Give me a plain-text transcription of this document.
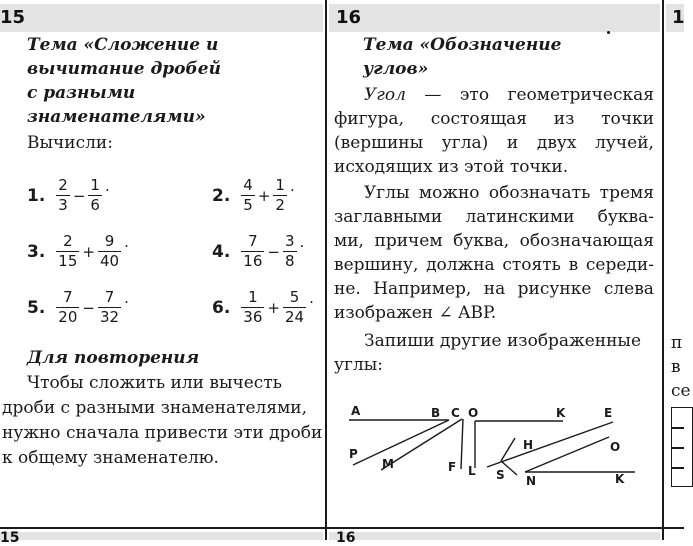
15	16	1
Тема «Сложение и
вычитание дробей
с разными
знаменателями»
Вычисли:
1. $\frac{2}{3} - \frac{1}{6}$ .	2. $\frac{4}{5} + \frac{1}{2}$ .
3. $\frac{2}{15} + \frac{9}{40}$ .	4. $\frac{7}{16} - \frac{3}{8}$ .
5. $\frac{7}{20} - \frac{7}{32}$ .	6. $\frac{1}{36} + \frac{5}{24}$ .
Для повторения
Чтобы сложить или вычесть
дроби с разными знаменателями,
нужно сначала привести эти дроби
к общему знаменателю.
Тема «Обозначение
углов»
Угол — это геометрическая
фигура, состоящая из точки
(вершины угла) и двух лучей,
исходящих из этой точки.
Углы можно обозначать тремя
заглавными латинскими буква-
ми, причем буква, обозначающая
вершину, должна стоять в середи-
не. Например, на рисунке слева
изображен ∠ ABP.
Запиши другие изображенные
углы:
A	B C O	K	E
P
M	F L S
H
N
O
K
п
в
се
15	16
